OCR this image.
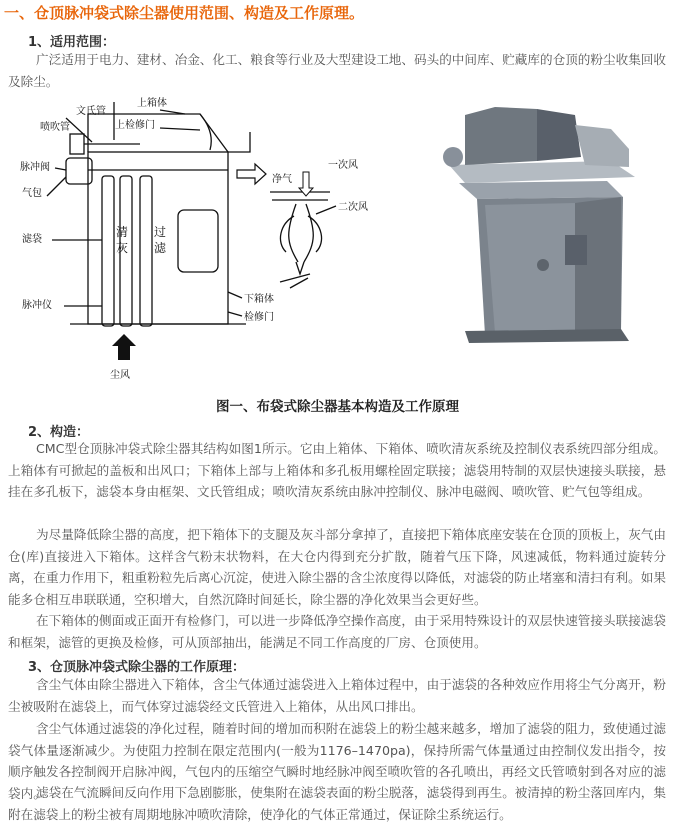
一、仓顶脉冲袋式除尘器使用范围、构造及工作原理。
1、适用范围：
广泛适用于电力、建材、冶金、化工、粮食等行业及大型建设工地、码头的中间库、贮藏库的仓顶的粉尘收集回收及除尘。
上箱体
上检修门
文氏管
喷吹管
脉冲阀
气包
滤袋
脉冲仪
清
灰
过
滤
净气
一次风
二次风
下箱体
检修门
尘风
图一、布袋式除尘器基本构造及工作原理
2、构造：
CMC型仓顶脉冲袋式除尘器其结构如图1所示。它由上箱体、下箱体、喷吹清灰系统及控制仪表系统四部分组成。上箱体有可掀起的盖板和出风口；下箱体上部与上箱体和多孔板用螺栓固定联接；滤袋用特制的双层快速接头联接，悬挂在多孔板下，滤袋本身由框架、文氏管组成；喷吹清灰系统由脉冲控制仪、脉冲电磁阀、喷吹管、贮气包等组成。
为尽量降低除尘器的高度，把下箱体下的支腿及灰斗部分拿掉了，直接把下箱体底座安装在仓顶的顶板上，灰气由仓(库)直接进入下箱体。这样含气粉末状物料，在大仓内得到充分扩散，随着气压下降，风速减低，物料通过旋转分离，在重力作用下，粗重粉粒先后离心沉淀，使进入除尘器的含尘浓度得以降低，对滤袋的防止堵塞和清扫有利。如果能多仓相互串联联通，空积增大，自然沉降时间延长，除尘器的净化效果当会更好些。
在下箱体的侧面或正面开有检修门，可以进一步降低净空操作高度，由于采用特殊设计的双层快速管接头联接滤袋和框架，滤管的更换及检修，可从顶部抽出，能满足不同工作高度的厂房、仓顶使用。
3、仓顶脉冲袋式除尘器的工作原理：
含尘气体由除尘器进入下箱体，含尘气体通过滤袋进入上箱体过程中，由于滤袋的各种效应作用将尘气分离开，粉尘被吸附在滤袋上，而气体穿过滤袋经文氏管进入上箱体，从出风口排出。
含尘气体通过滤袋的净化过程，随着时间的增加而积附在滤袋上的粉尘越来越多，增加了滤袋的阻力，致使通过滤袋气体量逐渐减少。为使阻力控制在限定范围内(一般为1176–1470pa)，保持所需气体量通过由控制仪发出指令，按顺序触发各控制阀开启脉冲阀，气包内的压缩空气瞬时地经脉冲阀至喷吹管的各孔喷出，再经文氏管喷射到各对应的滤袋内。
滤袋在气流瞬间反向作用下急剧膨胀，使集附在滤袋表面的粉尘脱落，滤袋得到再生。被清掉的粉尘落回库内，集附在滤袋上的粉尘被有周期地脉冲喷吹清除，使净化的气体正常通过，保证除尘系统运行。
